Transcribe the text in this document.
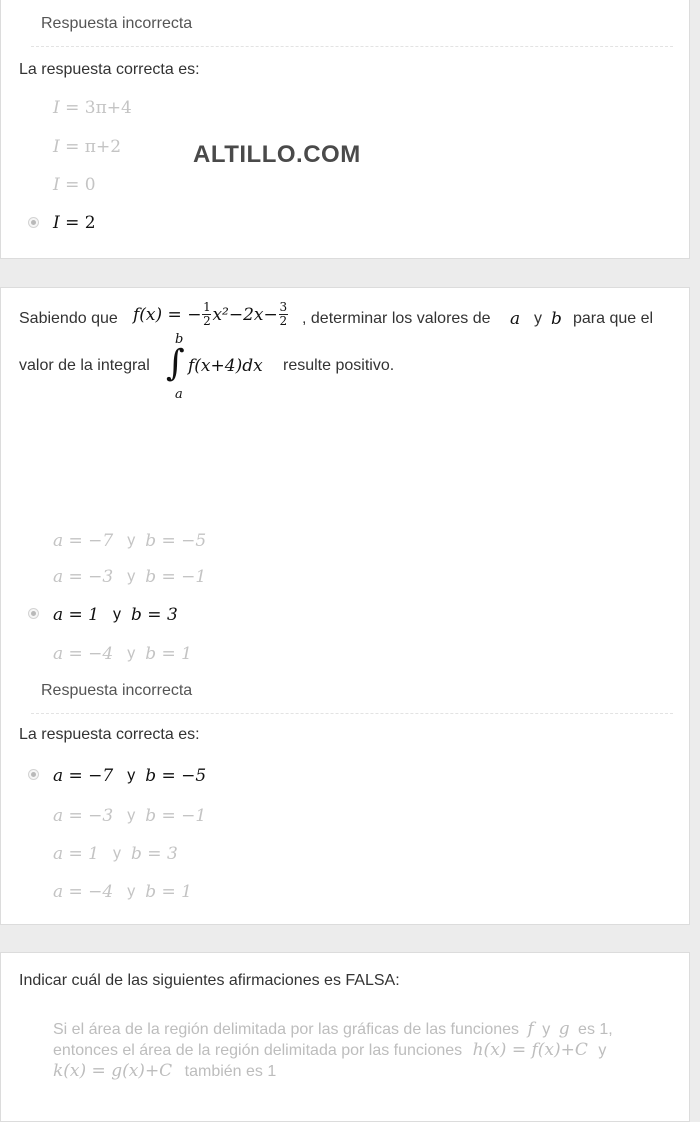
Respuesta incorrecta
La respuesta correcta es:
I = 3π+4
I = π+2
I = 0
I = 2
ALTILLO.COM
Sabiendo que f(x) = − $\frac{1}{2} x^2-2x- \frac{3}{2}$ , determinar los valores de a y b para que el
valor de la integral
b
∫
a
f(x+4)dx resulte positivo.
a = −7 y b = −5
a = −3 y b = −1
a = 1 y b = 3
a = −4 y b = 1
Respuesta incorrecta
La respuesta correcta es:
a = −7 y b = −5
a = −3 y b = −1
a = 1 y b = 3
a = −4 y b = 1
Indicar cuál de las siguientes afirmaciones es FALSA:
Si el área de la región delimitada por las gráficas de las funciones f y g es 1,
entonces el área de la región delimitada por las funciones h(x) = f(x)+C y
k(x) = g(x)+C también es 1
